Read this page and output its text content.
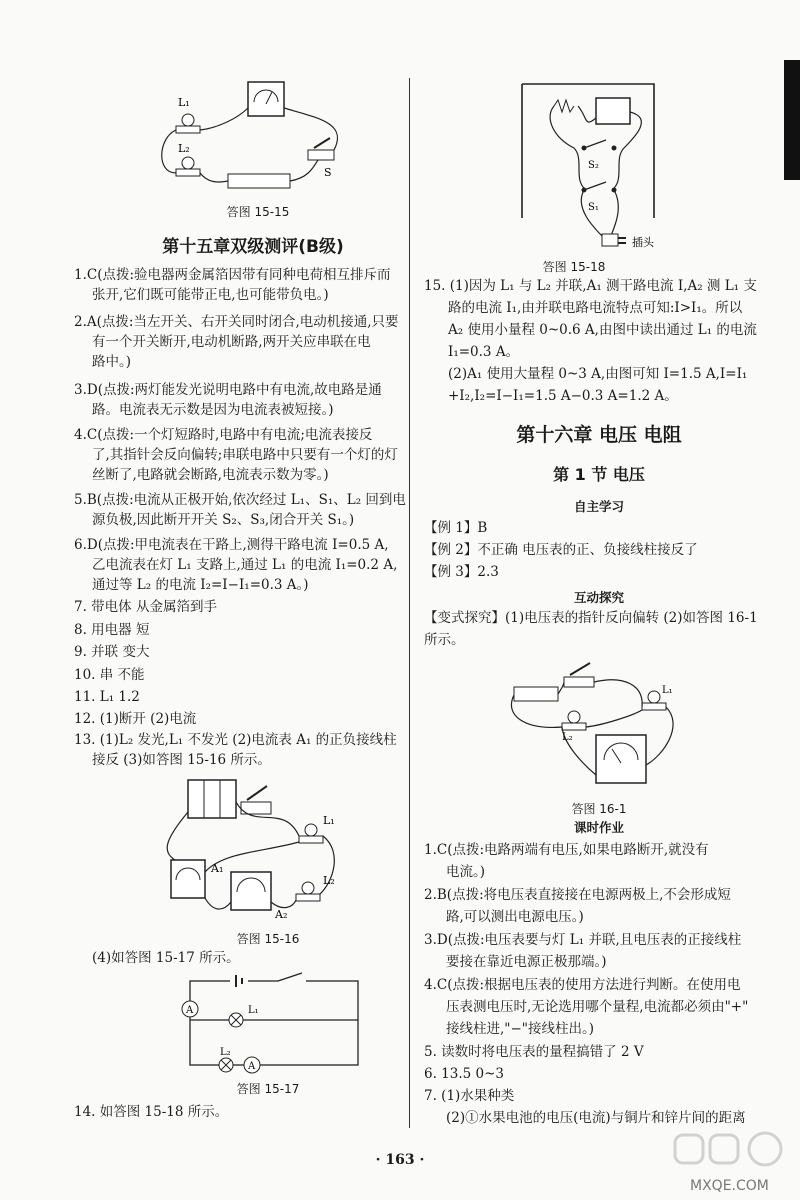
L₁
L₂
S
答图 15-15
第十五章双级测评(B级)
1.C(点拨:验电器两金属箔因带有同种电荷相互排斥而
张开,它们既可能带正电,也可能带负电。)
2.A(点拨:当左开关、右开关同时闭合,电动机接通,只要
有一个开关断开,电动机断路,两开关应串联在电
路中。)
3.D(点拨:两灯能发光说明电路中有电流,故电路是通
路。电流表无示数是因为电流表被短接。)
4.C(点拨:一个灯短路时,电路中有电流;电流表接反
了,其指针会反向偏转;串联电路中只要有一个灯的灯
丝断了,电路就会断路,电流表示数为零。)
5.B(点拨:电流从正极开始,依次经过 L₁、S₁、L₂ 回到电
源负极,因此断开开关 S₂、S₃,闭合开关 S₁。)
6.D(点拨:甲电流表在干路上,测得干路电流 I=0.5 A,
乙电流表在灯 L₁ 支路上,通过 L₁ 的电流 I₁=0.2 A,
通过等 L₂ 的电流 I₂=I−I₁=0.3 A。)
7. 带电体 从金属箔到手
8. 用电器 短
9. 并联 变大
10. 串 不能
11. L₁ 1.2
12. (1)断开 (2)电流
13. (1)L₂ 发光,L₁ 不发光 (2)电流表 A₁ 的正负接线柱
接反 (3)如答图 15-16 所示。
A₁
A₂
L₁
L₂
答图 15-16
(4)如答图 15-17 所示。
A	L₁
L₂
A
答图 15-17
14. 如答图 15-18 所示。
S₂
S₁
插头
答图 15-18
15. (1)因为 L₁ 与 L₂ 并联,A₁ 测干路电流 I,A₂ 测 L₁ 支
路的电流 I₁,由并联电路电流特点可知:I>I₁。所以
A₂ 使用小量程 0~0.6 A,由图中读出通过 L₁ 的电流
I₁=0.3 A。
(2)A₁ 使用大量程 0~3 A,由图可知 I=1.5 A,I=I₁
+I₂,I₂=I−I₁=1.5 A−0.3 A=1.2 A。
第十六章 电压 电阻
第 1 节 电压
自主学习
【例 1】B
【例 2】不正确 电压表的正、负接线柱接反了
【例 3】2.3
互动探究
【变式探究】(1)电压表的指针反向偏转 (2)如答图 16-1
所示。
L₁
L₂
答图 16-1
课时作业
1.C(点拨:电路两端有电压,如果电路断开,就没有
电流。)
2.B(点拨:将电压表直接接在电源两极上,不会形成短
路,可以测出电源电压。)
3.D(点拨:电压表要与灯 L₁ 并联,且电压表的正接线柱
要接在靠近电源正极那端。)
4.C(点拨:根据电压表的使用方法进行判断。在使用电
压表测电压时,无论选用哪个量程,电流都必须由"+"
接线柱进,"−"接线柱出。)
5. 读数时将电压表的量程搞错了 2 V
6. 13.5 0~3
7. (1)水果种类
(2)①水果电池的电压(电流)与铜片和锌片间的距离
· 163 ·
MXQE.COM
